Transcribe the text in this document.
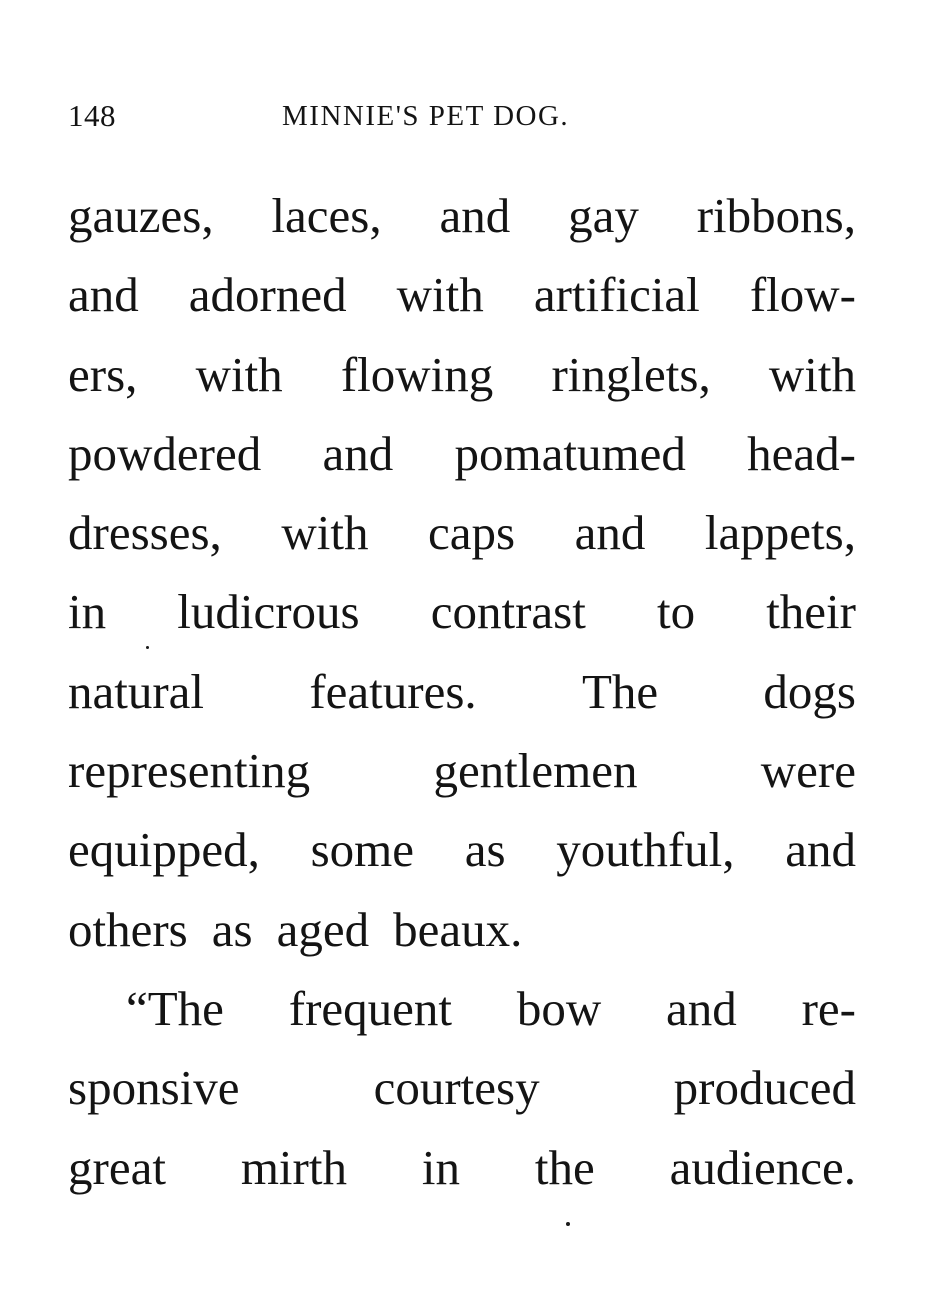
148	MINNIE'S PET DOG.
gauzes, laces, and gay ribbons,
and adorned with artificial flow-
ers, with flowing ringlets, with
powdered and pomatumed head-
dresses, with caps and lappets,
in ludicrous contrast to their
natural features. The dogs
representing	gentlemen	were
equipped, some as youthful, and
others as aged beaux.
“The frequent bow and re-
sponsive	courtesy	produced
great mirth in the audience.
